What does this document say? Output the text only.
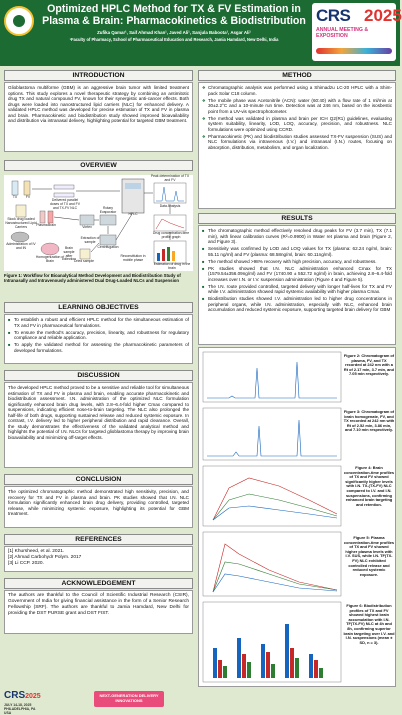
Optimized HPLC Method for TX & FV Estimation in Plasma & Brain: Pharmacokinetics & Biodistribution
Zufika Qamar¹, Saif Ahmad Khan¹, Javed Ali¹, Sanjula Baboota¹, Asgar Ali¹
¹Faculty of Pharmacy, School of Pharmaceutical Education and Research, Jamia Hamdard, New Delhi, India
CRS 2025
ANNUAL MEETING & EXPOSITION
INTRODUCTION

Glioblastoma multiforme (GBM) is an aggressive brain tumor with limited treatment options. This study explores a novel therapeutic strategy by combining an antimitotic drug TX and natural compound FV, known for their synergistic anti-cancer effects. Both drugs were loaded into nanostructured lipid carriers (NLC) for enhanced delivery. A validated HPLC method was developed for precise estimation of TX and FV in plasma and brain. Pharmacokinetic and biodistribution study showed improved bioavailability and distribution via intranasal delivery, highlighting potential for targeted GBM treatment.

OVERVIEW
TX	FV
Stock drug loaded Nanostructured Lipid Carriers
Delivered parallel doses of TX and FV and TX-FV NLC
Administration of IV and IN
Plasma Brain
Homogenization of Brain
Vortex
Rotary Evaporator
Centrifugation
Dried sample
Reconstitution in mobile phase
HPLC
Peak determination of TX and FV
Data Analysis
Drug concentration-time profile graph
Estimation of drug in the brain
Brain sample after collection
Extraction of sample
Figure 1: Workflow for Bioanalytical Method Development and Biodistribution Study of Intranasally and Intravenously administered Dual Drug-Loaded NLCs and Suspension
LEARNING OBJECTIVES
■ To establish a robust and efficient HPLC method for the simultaneous estimation of TX and FV in pharmaceutical formulations.
■ To ensure the method's accuracy, precision, linearity, and robustness for regulatory compliance and reliable application.
■ To apply the validated method for assessing the pharmacokinetic parameters of developed formulations.
DISCUSSION

The developed HPLC method proved to be a sensitive and reliable tool for simultaneous estimation of TX and FV in plasma and brain, enabling accurate pharmacokinetic and biodistribution assessment. I.N. administration of the optimized NLC formulation significantly enhanced brain drug levels, with 2.8–6.4-fold higher Cmax compared to suspensions, indicating efficient nose-to-brain targeting. The NLC also prolonged the half-life of both drugs, supporting sustained release and reduced systemic exposure. In contrast, I.V. delivery led to higher peripheral distribution and rapid clearance. Overall, the study demonstrates the effectiveness of the validated analytical method and highlights the potential of I.N. NLCs for targeted glioblastoma therapy by improving brain bioavailability and minimizing off-target effects.

CONCLUSION

The optimized chromatographic method demonstrated high sensitivity, precision, and recovery for TX and FV in plasma and brain. PK studies showed that I.N. NLC formulation significantly enhanced brain drug delivery, providing controlled, targeted release, while minimizing systemic exposure, highlighting its potential for GBM treatment.

REFERENCES
[1] Khursheed, et al. 2021.
[2] Ahmad Carbohydr Polym. 2017
[3] Li CCP. 2020.
ACKNOWLEDGEMENT

The authors are thankful to the Council of Scientific Industrial Research (CSIR), Government of India for giving financial assistance in the form of a Senior Research Fellowship (SRF). The authors are thankful to Jamia Hamdard, New Delhi for providing the DST PURSE grant and DST FIST.

METHOD
❖ Chromatographic analysis was performed using a Shimadzu LC-20 HPLC with a Shim-pack Solar C18 column.
❖ The mobile phase was Acetonitrile (ACN): water (60:40) with a flow rate of 1 ml/min at 30±2.2°C and a 10-minute run time. Detection was at 246 nm, based on the isosbestic point from a UV-vis spectrophotometer.
❖ The method was validated in plasma and brain per ICH Q2(R1) guidelines, evaluating system suitability, linearity, LOD, LOQ, accuracy, precision, and robustness. NLC formulations were optimized using CCRD.
❖ Pharmacokinetic (PK) and biodistribution studies assessed TX-FV suspension (SUS) and NLC formulations via intravenous (I.V.) and intranasal (I.N.) routes, focusing on absorption, distribution, metabolism, and organ localization.
RESULTS
■ The chromatographic method effectively resolved drug peaks for FV (3.7 min), TX (7.1 min), with linear calibration curves (R²=0.9900) in Water ret plasma and brain (Figure 2, and Figure 3).
■ Sensitivity was confirmed by LOD and LOQ values for TX (plasma: 62.24 ng/ml, brain: 55.11 ng/ml) and FV (plasma: 68.58ng/ml, brain: 60.11ng/ml).
■ The method showed >98% recovery with high precision, accuracy, and robustness.
■ PK studies showed that I.N. NLC administration enhanced Cmax for TX (1579.54±356.09ng/ml) and FV (1740.90 ± 552.72 ng/ml) in brain, achieving 2.8–6.4-fold increases over I.N. or I.V. suspension administration (Figure 4 and Figure 5).
■ The I.N. route provided controlled, targeted delivery with longer half-lives for TX and FV while I.V. administration showed rapid systemic availability with higher plasma Cmax.
■ Biodistribution studies showed I.V. administration led to higher drug concentrations in peripheral organs, while I.N. administration, especially with NLC, enhanced brain accumulation and reduced systemic exposure, supporting targeted brain delivery for GBM
Figure 2: Chromatogram of plasma, FV, and TX recorded at 242 nm with a Rt of 2.17 min, 3.7 min, and 7.05 min respectively.
Figure 3: Chromatogram of brain homogenate, FV, and TX recorded at 242 nm with Rt of 2.52 min, 3.86 min, and 7.10 min respectively.
Figure 4: Brain concentration-time profiles of TX and FV showed significantly higher levels with I.N. TX-(TX-FV) NLC compared to I.V. and I.N. suspensions, confirming enhanced brain targeting and retention.
Figure 5: Plasma concentration-time profiles of TX and FV showed higher plasma levels with I.V. SUS, while I.N. TF(TX-FV) NLC exhibited controlled release and reduced systemic exposure.
Figure 6: Biodistribution profiles of TX and FV showed highest brain accumulation with I.N. TF(TX-FV) NLC at 4h and 8h, confirming superior brain targeting over I.V. and I.N. suspensions (mean ± SD, n = 3).
CRS2025
JULY 14-18, 2025
PHILADELPHIA, PA
USA
NEXT-GENERATION DELIVERY INNOVATIONS
